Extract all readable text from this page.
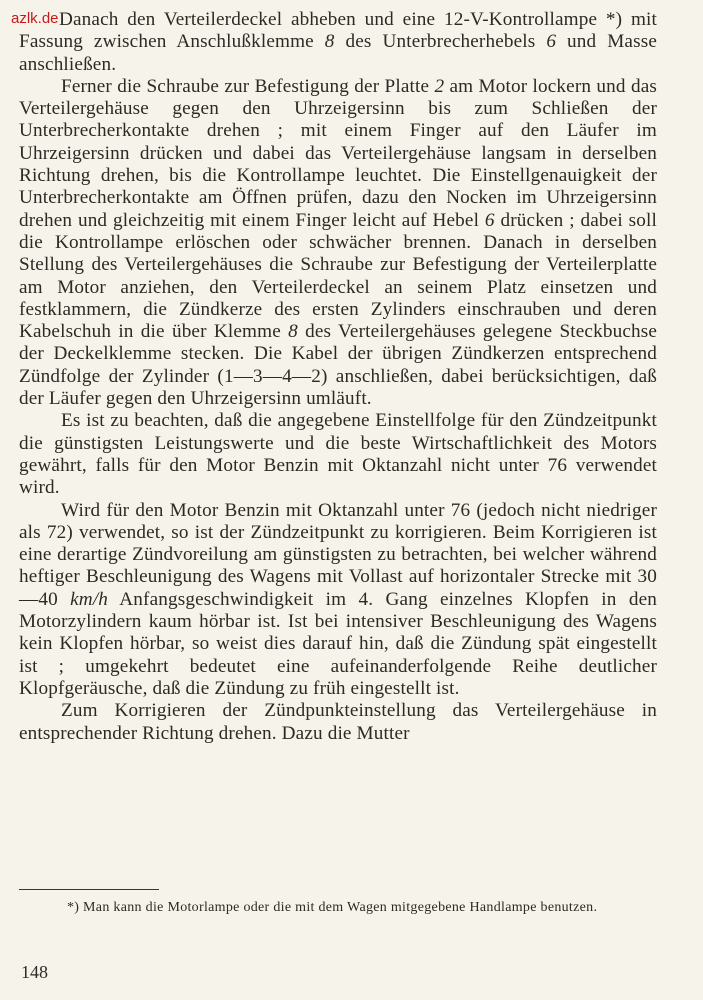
azlk.de Danach den Verteilerdeckel abheben und eine 12-V-Kontrollampe *) mit Fassung zwischen Anschlußklemme 8 des Unterbrecherhebels 6 und Masse anschließen.

Ferner die Schraube zur Befestigung der Platte 2 am Motor lockern und das Verteilergehäuse gegen den Uhrzeigersinn bis zum Schließen der Unterbrecherkontakte drehen ; mit einem Finger auf den Läufer im Uhrzeigersinn drücken und dabei das Verteilergehäuse langsam in derselben Richtung drehen, bis die Kontrollampe leuchtet. Die Einstellgenauigkeit der Unterbrecherkontakte am Öffnen prüfen, dazu den Nocken im Uhrzeigersinn drehen und gleichzeitig mit einem Finger leicht auf Hebel 6 drücken ; dabei soll die Kontrollampe erlöschen oder schwächer brennen. Danach in derselben Stellung des Verteilergehäuses die Schraube zur Befestigung der Verteilerplatte am Motor anziehen, den Verteilerdeckel an seinem Platz einsetzen und festklammern, die Zündkerze des ersten Zylinders einschrauben und deren Kabelschuh in die über Klemme 8 des Verteilergehäuses gelegene Steckbuchse der Deckelklemme stecken. Die Kabel der übrigen Zündkerzen entsprechend Zündfolge der Zylinder (1—3—4—2) anschließen, dabei berücksichtigen, daß der Läufer gegen den Uhrzeigersinn umläuft.

Es ist zu beachten, daß die angegebene Einstellfolge für den Zündzeitpunkt die günstigsten Leistungswerte und die beste Wirtschaftlichkeit des Motors gewährt, falls für den Motor Benzin mit Oktanzahl nicht unter 76 verwendet wird.

Wird für den Motor Benzin mit Oktanzahl unter 76 (jedoch nicht niedriger als 72) verwendet, so ist der Zündzeitpunkt zu korrigieren. Beim Korrigieren ist eine derartige Zündvoreilung am günstigsten zu betrachten, bei welcher während heftiger Beschleunigung des Wagens mit Vollast auf horizontaler Strecke mit 30—40 km/h Anfangsgeschwindigkeit im 4. Gang einzelnes Klopfen in den Motorzylindern kaum hörbar ist. Ist bei intensiver Beschleunigung des Wagens kein Klopfen hörbar, so weist dies darauf hin, daß die Zündung spät eingestellt ist ; umgekehrt bedeutet eine aufeinanderfolgende Reihe deutlicher Klopfgeräusche, daß die Zündung zu früh eingestellt ist.

Zum Korrigieren der Zündpunkteinstellung das Verteilergehäuse in entsprechender Richtung drehen. Dazu die Mutter

*) Man kann die Motorlampe oder die mit dem Wagen mitgegebene Handlampe benutzen.

148
